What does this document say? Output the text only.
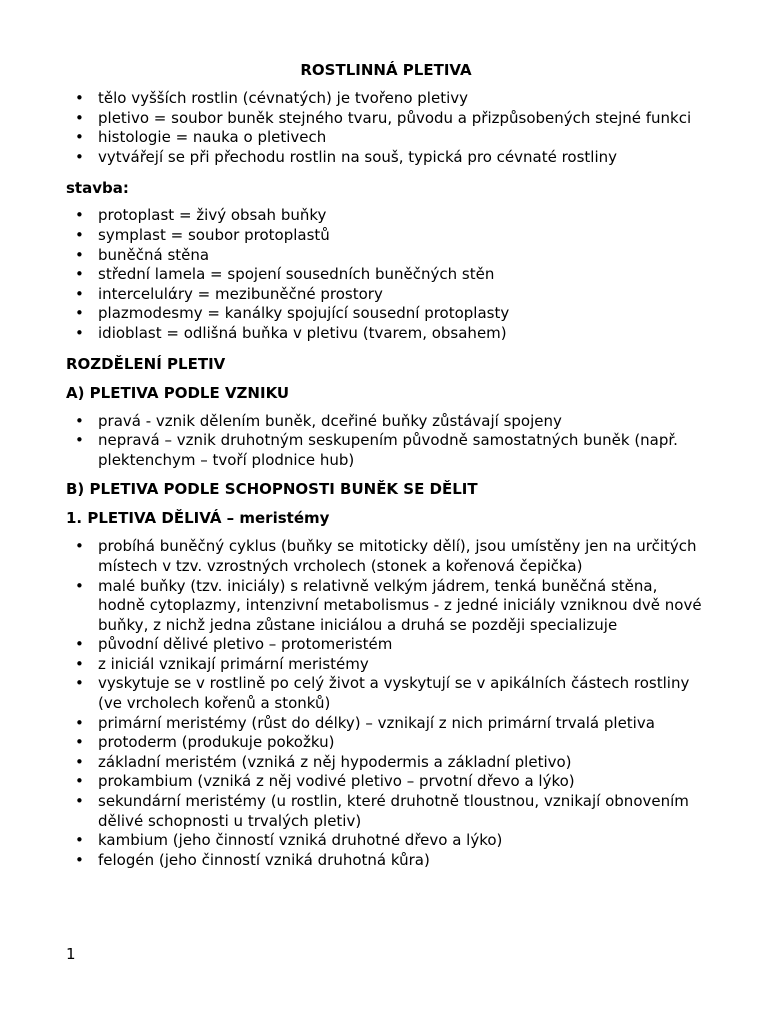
ROSTLINNÁ PLETIVA
• tělo vyšších rostlin (cévnatých) je tvořeno pletivy
• pletivo = soubor buněk stejného tvaru, původu a přizpůsobených stejné funkci
• histologie = nauka o pletivech
• vytvářejí se při přechodu rostlin na souš, typická pro cévnaté rostliny
stavba:
• protoplast = živý obsah buňky
• symplast = soubor protoplastů
• buněčná stěna
• střední lamela = spojení sousedních buněčných stěn
• intercelulάry = mezibuněčné prostory
• plazmodesmy = kanálky spojující sousední protoplasty
• idioblast = odlišná buňka v pletivu (tvarem, obsahem)
ROZDĚLENÍ PLETIV
A) PLETIVA PODLE VZNIKU
• pravá - vznik dělením buněk, dceřiné buňky zůstávají spojeny
• nepravá – vznik druhotným seskupením původně samostatných buněk (např. plektenchym – tvoří plodnice hub)
B) PLETIVA PODLE SCHOPNOSTI BUNĚK SE DĚLIT
1. PLETIVA DĚLIVÁ – meristémy
• probíhá buněčný cyklus (buňky se mitoticky dělí), jsou umístěny jen na určitých místech v tzv. vzrostných vrcholech (stonek a kořenová čepička)
• malé buňky (tzv. iniciály) s relativně velkým jádrem, tenká buněčná stěna, hodně cytoplazmy, intenzivní metabolismus - z jedné iniciály vzniknou dvě nové buňky, z nichž jedna zůstane iniciálou a druhá se později specializuje
• původní dělivé pletivo – protomeristém
• z iniciál vznikají primární meristémy
• vyskytuje se v rostlině po celý život a vyskytují se v apikálních částech rostliny (ve vrcholech kořenů a stonků)
• primární meristémy (růst do délky) – vznikají z nich primární trvalá pletiva
• protoderm (produkuje pokožku)
• základní meristém (vzniká z něj hypodermis a základní pletivo)
• prokambium (vzniká z něj vodivé pletivo – prvotní dřevo a lýko)
• sekundární meristémy (u rostlin, které druhotně tloustnou, vznikají obnovením dělivé schopnosti u trvalých pletiv)
• kambium (jeho činností vzniká druhotné dřevo a lýko)
• felogén (jeho činností vzniká druhotná kůra)
1
